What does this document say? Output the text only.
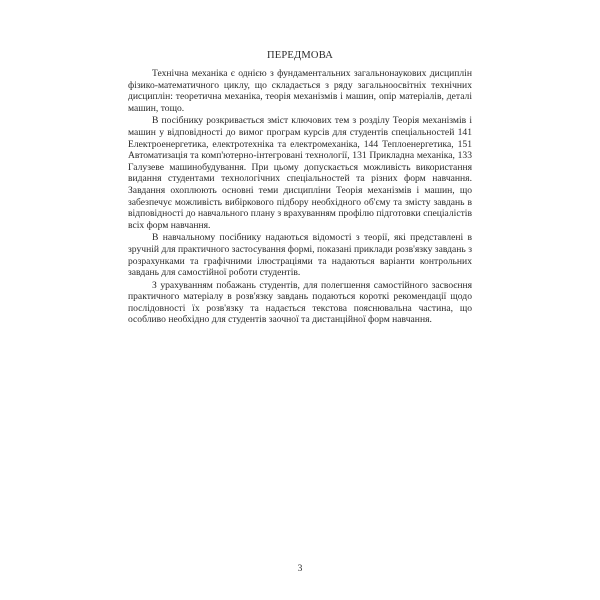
ПЕРЕДМОВА

Технічна механіка є однією з фундаментальних загальнонаукових дисциплін фізико-математичного циклу, що складається з ряду загальноосвітніх технічних дисциплін: теоретична механіка, теорія механізмів і машин, опір матеріалів, деталі машин, тощо.

В посібнику розкривається зміст ключових тем з розділу Теорія механізмів і машин у відповідності до вимог програм курсів для студентів спеціальностей 141 Електроенергетика, електротехніка та електромеханіка, 144 Теплоенергетика, 151 Автоматизація та комп'ютерно-інтегровані технології, 131 Прикладна механіка, 133 Галузеве машинобудування. При цьому допускається можливість використання видання студентами технологічних спеціальностей та різних форм навчання. Завдання охоплюють основні теми дисципліни Теорія механізмів і машин, що забезпечує можливість вибіркового підбору необхідного об'єму та змісту завдань в відповідності до навчального плану з врахуванням профілю підготовки спеціалістів всіх форм навчання.

В навчальному посібнику надаються відомості з теорії, які представлені в зручній для практичного застосування формі, показані приклади розв'язку завдань з розрахунками та графічними ілюстраціями та надаються варіанти контрольних завдань для самостійної роботи студентів.

З урахуванням побажань студентів, для полегшення самостійного засвоєння практичного матеріалу в розв'язку завдань подаються короткі рекомендації щодо послідовності їх розв'язку та надається текстова пояснювальна частина, що особливо необхідно для студентів заочної та дистанційної форм навчання.

3
